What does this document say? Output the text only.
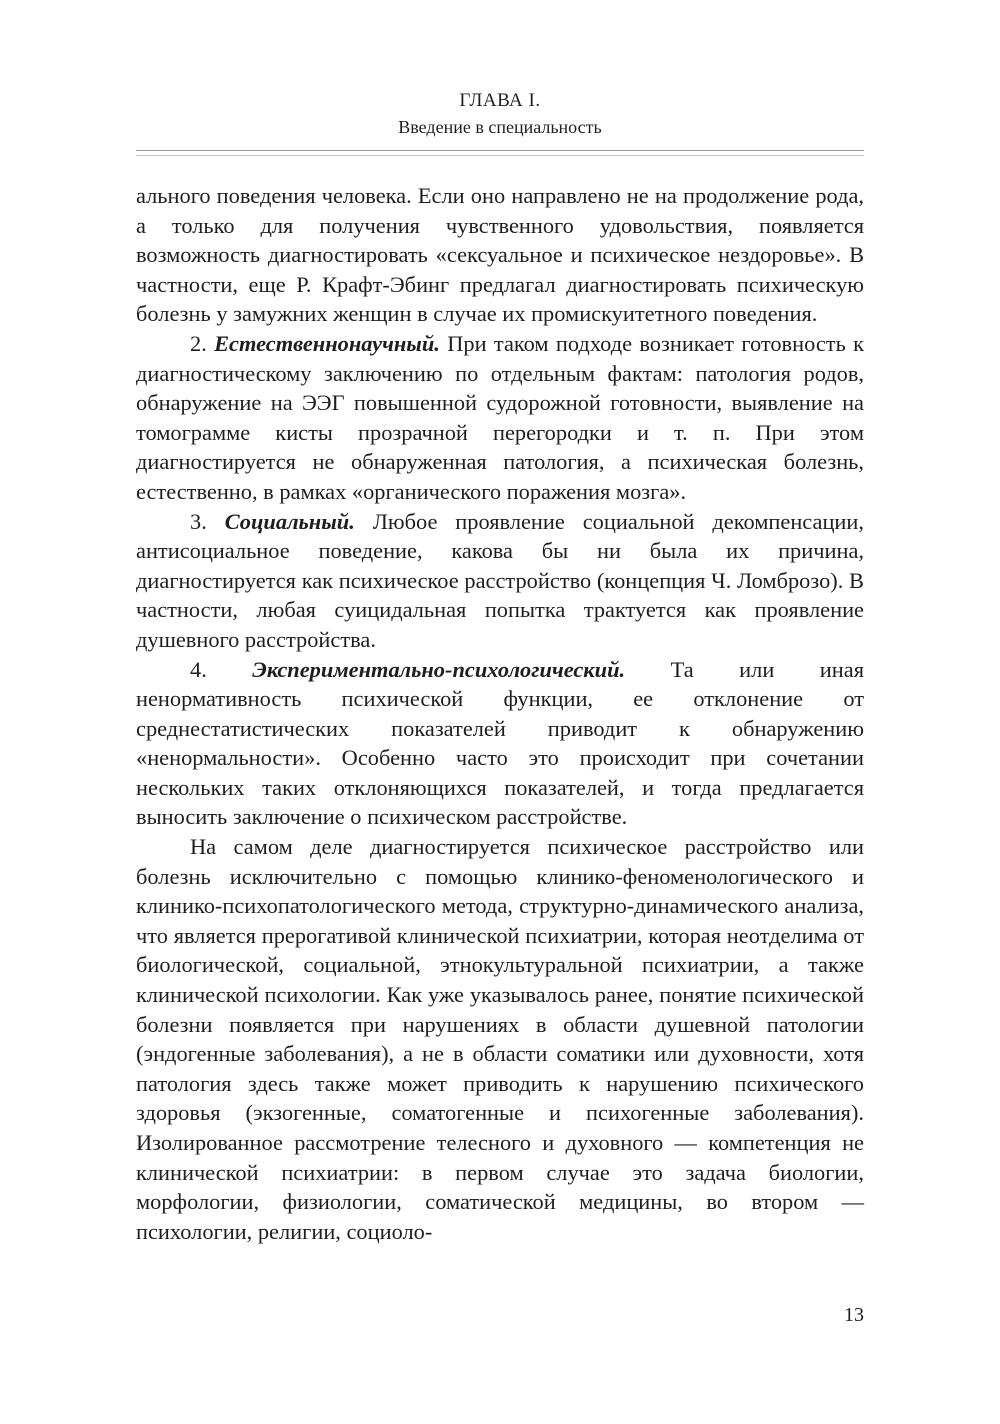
ГЛАВА I.
Введение в специальность

ального поведения человека. Если оно направлено не на продолжение рода, а только для получения чувственного удовольствия, появляется возможность диагностировать «сексуальное и психическое нездоровье». В частности, еще Р. Крафт-Эбинг предлагал диагностировать психическую болезнь у замужних женщин в случае их промискуитетного поведения.

2. Естественнонаучный. При таком подходе возникает готовность к диагностическому заключению по отдельным фактам: патология родов, обнаружение на ЭЭГ повышенной судорожной готовности, выявление на томограмме кисты прозрачной перегородки и т. п. При этом диагностируется не обнаруженная патология, а психическая болезнь, естественно, в рамках «органического поражения мозга».

3. Социальный. Любое проявление социальной декомпенсации, антисоциальное поведение, какова бы ни была их причина, диагностируется как психическое расстройство (концепция Ч. Ломброзо). В частности, любая суицидальная попытка трактуется как проявление душевного расстройства.

4. Экспериментально-психологический. Та или иная ненормативность психической функции, ее отклонение от среднестатистических показателей приводит к обнаружению «ненормальности». Особенно часто это происходит при сочетании нескольких таких отклоняющихся показателей, и тогда предлагается выносить заключение о психическом расстройстве.

На самом деле диагностируется психическое расстройство или болезнь исключительно с помощью клинико-феноменологического и клинико-психопатологического метода, структурно-динамического анализа, что является прерогативой клинической психиатрии, которая неотделима от биологической, социальной, этнокультуральной психиатрии, а также клинической психологии. Как уже указывалось ранее, понятие психической болезни появляется при нарушениях в области душевной патологии (эндогенные заболевания), а не в области соматики или духовности, хотя патология здесь также может приводить к нарушению психического здоровья (экзогенные, соматогенные и психогенные заболевания). Изолированное рассмотрение телесного и духовного — компетенция не клинической психиатрии: в первом случае это задача биологии, морфологии, физиологии, соматической медицины, во втором — психологии, религии, социоло-

13
